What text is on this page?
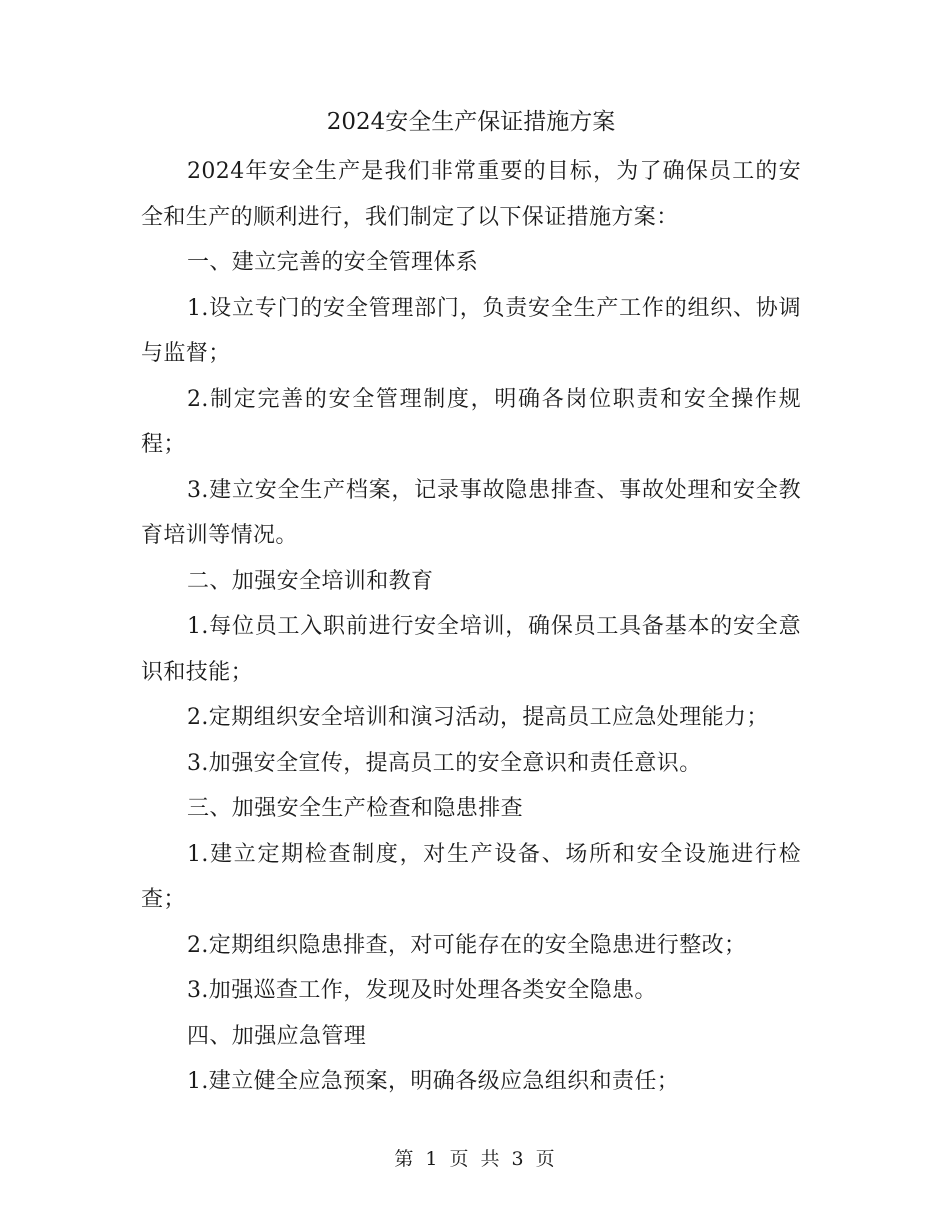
2024安全生产保证措施方案

2024年安全生产是我们非常重要的目标，为了确保员工的安全和生产的顺利进行，我们制定了以下保证措施方案：

一、建立完善的安全管理体系

1.设立专门的安全管理部门，负责安全生产工作的组织、协调与监督；

2.制定完善的安全管理制度，明确各岗位职责和安全操作规程；

3.建立安全生产档案，记录事故隐患排查、事故处理和安全教育培训等情况。

二、加强安全培训和教育

1.每位员工入职前进行安全培训，确保员工具备基本的安全意识和技能；

2.定期组织安全培训和演习活动，提高员工应急处理能力；

3.加强安全宣传，提高员工的安全意识和责任意识。

三、加强安全生产检查和隐患排查

1.建立定期检查制度，对生产设备、场所和安全设施进行检查；

2.定期组织隐患排查，对可能存在的安全隐患进行整改；

3.加强巡查工作，发现及时处理各类安全隐患。

四、加强应急管理

1.建立健全应急预案，明确各级应急组织和责任；

第 1 页 共 3 页
